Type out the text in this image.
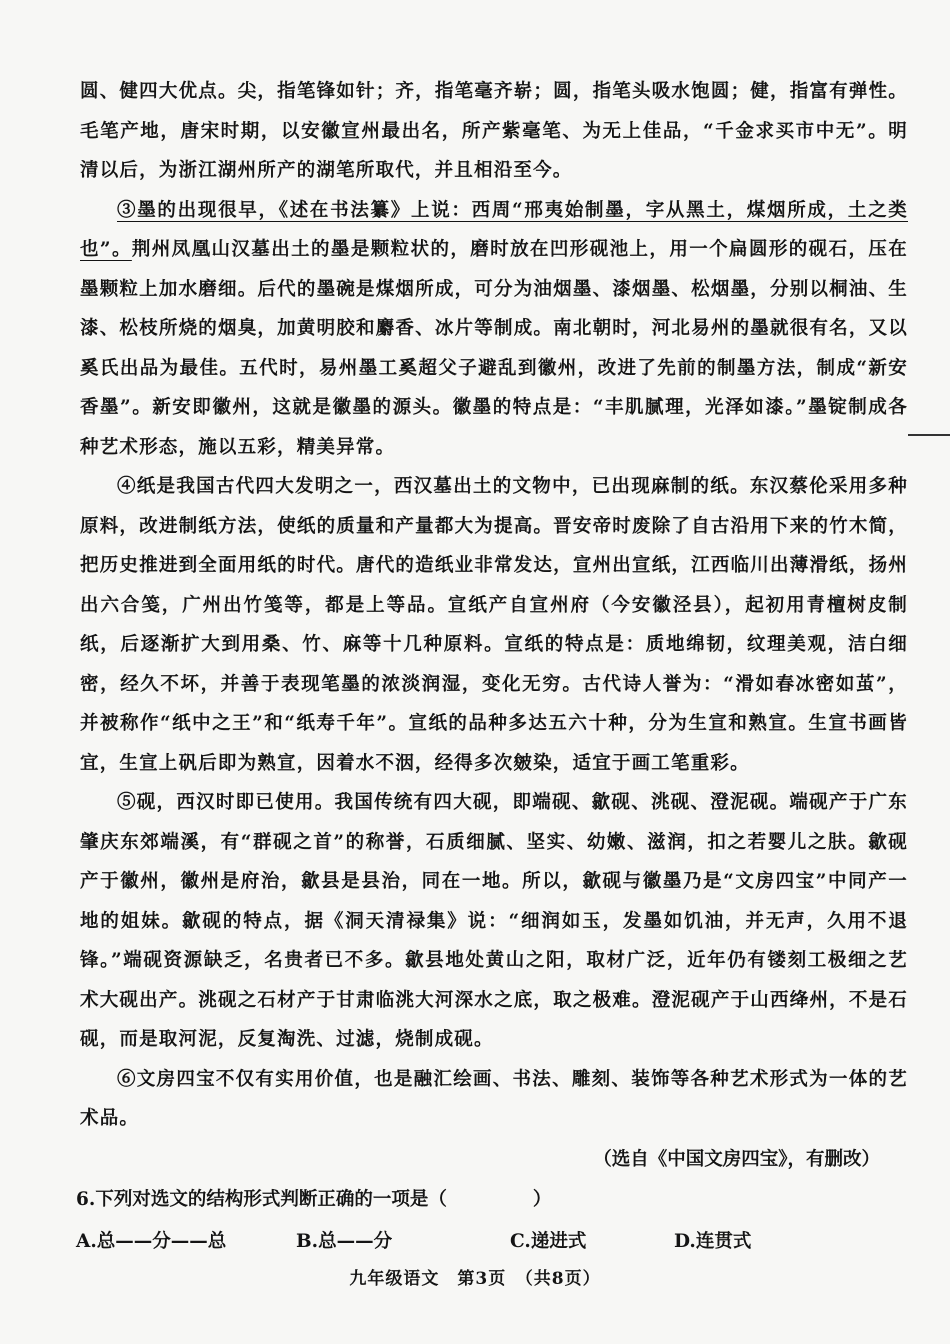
圆、健四大优点。尖，指笔锋如针；齐，指笔毫齐崭；圆，指笔头吸水饱圆；健，指富有弹性。毛笔产地，唐宋时期，以安徽宣州最出名，所产紫毫笔、为无上佳品，“千金求买市中无”。明清以后，为浙江湖州所产的湖笔所取代，并且相沿至今。

③墨的出现很早，《述在书法纂》上说：西周“邢夷始制墨，字从黑土，煤烟所成，土之类也”。荆州凤凰山汉墓出土的墨是颗粒状的，磨时放在凹形砚池上，用一个扁圆形的砚石，压在墨颗粒上加水磨细。后代的墨碗是煤烟所成，可分为油烟墨、漆烟墨、松烟墨，分别以桐油、生漆、松枝所烧的烟臭，加黄明胶和麝香、冰片等制成。南北朝时，河北易州的墨就很有名，又以奚氏出品为最佳。五代时，易州墨工奚超父子避乱到徽州，改进了先前的制墨方法，制成“新安香墨”。新安即徽州，这就是徽墨的源头。徽墨的特点是：“丰肌腻理，光泽如漆。”墨锭制成各种艺术形态，施以五彩，精美异常。

④纸是我国古代四大发明之一，西汉墓出土的文物中，已出现麻制的纸。东汉蔡伦采用多种原料，改进制纸方法，使纸的质量和产量都大为提高。晋安帝时废除了自古沿用下来的竹木简，把历史推进到全面用纸的时代。唐代的造纸业非常发达，宣州出宣纸，江西临川出薄滑纸，扬州出六合笺，广州出竹笺等，都是上等品。宣纸产自宣州府（今安徽泾县），起初用青檀树皮制纸，后逐渐扩大到用桑、竹、麻等十几种原料。宣纸的特点是：质地绵韧，纹理美观，洁白细密，经久不坏，并善于表现笔墨的浓淡润湿，变化无穷。古代诗人誉为：“滑如春冰密如茧”，并被称作“纸中之王”和“纸寿千年”。宣纸的品种多达五六十种，分为生宣和熟宣。生宣书画皆宜，生宣上矾后即为熟宣，因着水不洇，经得多次皴染，适宜于画工笔重彩。

⑤砚，西汉时即已使用。我国传统有四大砚，即端砚、歙砚、洮砚、澄泥砚。端砚产于广东肇庆东郊端溪，有“群砚之首”的称誉，石质细腻、坚实、幼嫩、滋润，扣之若婴儿之肤。歙砚产于徽州，徽州是府治，歙县是县治，同在一地。所以，歙砚与徽墨乃是“文房四宝”中同产一地的姐妹。歙砚的特点，据《洞天清禄集》说：“细润如玉，发墨如饥油，并无声，久用不退锋。”端砚资源缺乏，名贵者已不多。歙县地处黄山之阳，取材广泛，近年仍有镂刻工极细之艺术大砚出产。洮砚之石材产于甘肃临洮大河深水之底，取之极难。澄泥砚产于山西绛州，不是石砚，而是取河泥，反复淘洗、过滤，烧制成砚。

⑥文房四宝不仅有实用价值，也是融汇绘画、书法、雕刻、装饰等各种艺术形式为一体的艺术品。

（选自《中国文房四宝》，有删改）
6.下列对选文的结构形式判断正确的一项是（	）
A.总——分——总	B.总——分	C.递进式	D.连贯式
九年级语文　第3页　（共8页）
